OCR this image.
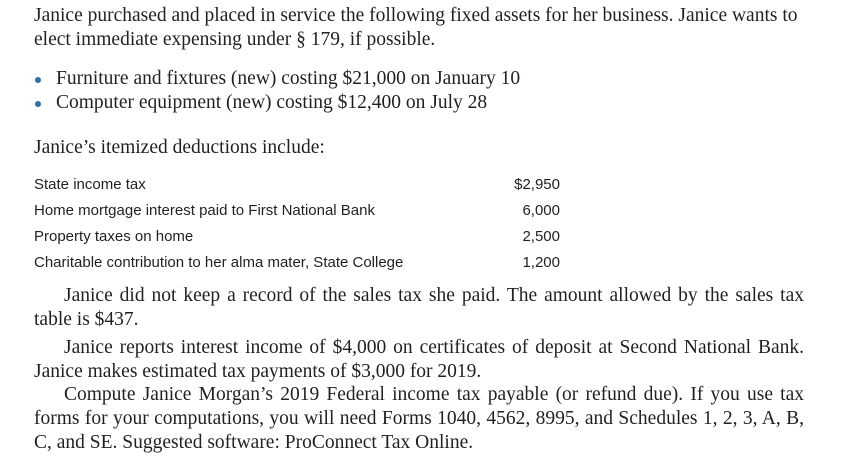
Janice purchased and placed in service the following fixed assets for her business. Janice wants to elect immediate expensing under § 179, if possible.
Furniture and fixtures (new) costing $21,000 on January 10
Computer equipment (new) costing $12,400 on July 28
Janice’s itemized deductions include:
State income tax	$2,950
Home mortgage interest paid to First National Bank	6,000
Property taxes on home	2,500
Charitable contribution to her alma mater, State College	1,200
Janice did not keep a record of the sales tax she paid. The amount allowed by the sales tax table is $437.
Janice reports interest income of $4,000 on certificates of deposit at Second National Bank. Janice makes estimated tax payments of $3,000 for 2019.
Compute Janice Morgan’s 2019 Federal income tax payable (or refund due). If you use tax forms for your computations, you will need Forms 1040, 4562, 8995, and Schedules 1, 2, 3, A, B, C, and SE. Suggested software: ProConnect Tax Online.
